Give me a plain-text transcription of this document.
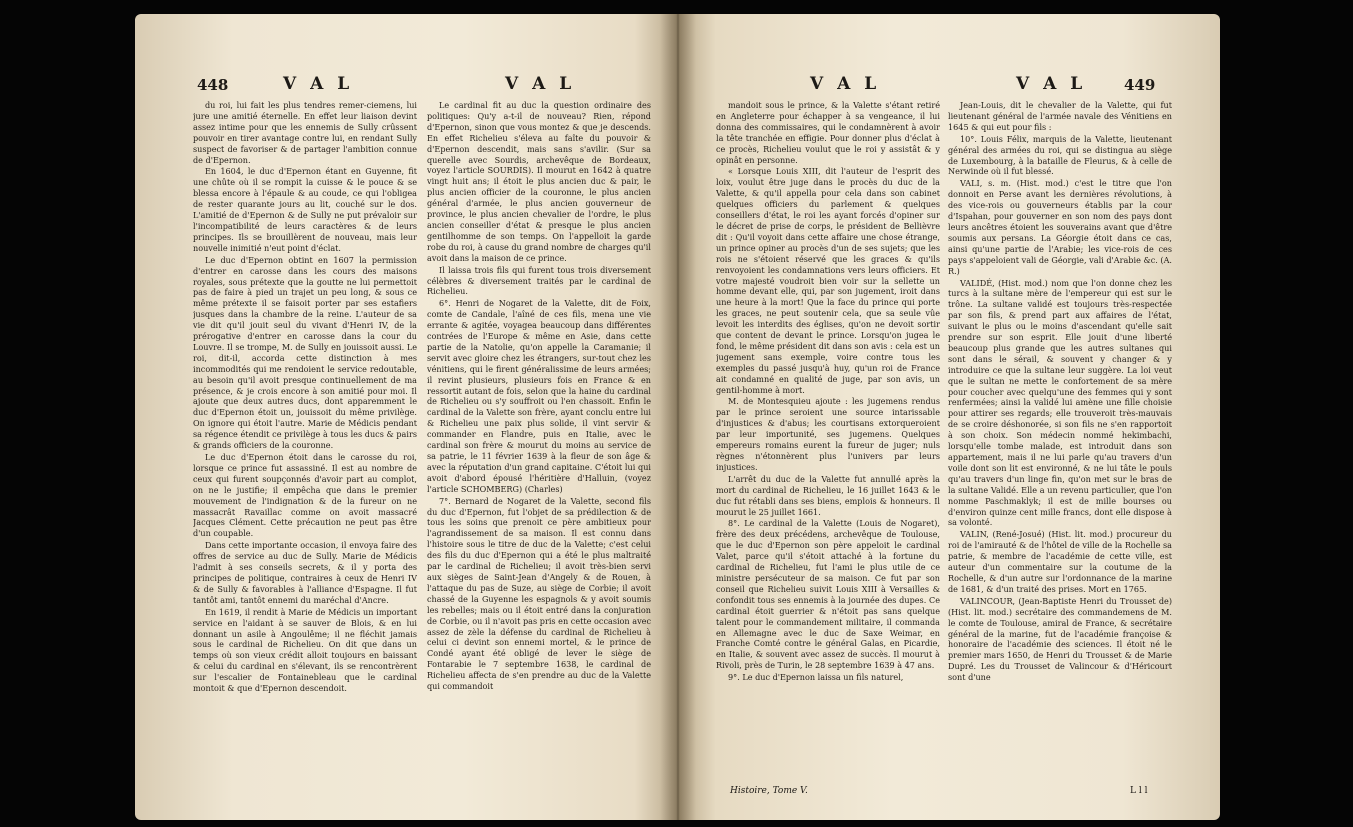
448	V A L	V A L

du roi, lui fait les plus tendres remer-ciemens, lui jure une amitié éternelle. En effet leur liaison devint assez intime pour que les ennemis de Sully crûssent pouvoir en tirer avantage contre lui, en rendant Sully suspect de favoriser & de partager l'ambition connue de d'Epernon.

En 1604, le duc d'Epernon étant en Guyenne, fit une chûte où il se rompit la cuisse & le pouce & se blessa encore à l'épaule & au coude, ce qui l'obligea de rester quarante jours au lit, couché sur le dos. L'amitié de d'Epernon & de Sully ne put prévaloir sur l'incompatibilité de leurs caractères & de leurs principes. Ils se brouillèrent de nouveau, mais leur nouvelle inimitié n'eut point d'éclat.

Le duc d'Epernon obtint en 1607 la permission d'entrer en carosse dans les cours des maisons royales, sous prétexte que la goutte ne lui permettoit pas de faire à pied un trajet un peu long, & sous ce même prétexte il se faisoit porter par ses estafiers jusques dans la chambre de la reine. L'auteur de sa vie dit qu'il jouit seul du vivant d'Henri IV, de la prérogative d'entrer en carosse dans la cour du Louvre. Il se trompe, M. de Sully en jouissoit aussi. Le roi, dit-il, accorda cette distinction à mes incommodités qui me rendoient le service redoutable, au besoin qu'il avoit presque continuellement de ma présence, & je crois encore à son amitié pour moi. Il ajoute que deux autres ducs, dont apparemment le duc d'Epernon étoit un, jouissoit du même privilège. On ignore qui étoit l'autre. Marie de Médicis pendant sa régence étendit ce privilège à tous les ducs & pairs & grands officiers de la couronne.

Le duc d'Epernon étoit dans le carosse du roi, lorsque ce prince fut assassiné. Il est au nombre de ceux qui furent soupçonnés d'avoir part au complot, on ne le justifie; il empêcha que dans le premier mouvement de l'indignation & de la fureur on ne massacrât Ravaillac comme on avoit massacré Jacques Clément. Cette précaution ne peut pas être d'un coupable.

Dans cette importante occasion, il envoya faire des offres de service au duc de Sully. Marie de Médicis l'admit à ses conseils secrets, & il y porta des principes de politique, contraires à ceux de Henri IV & de Sully & favorables à l'alliance d'Espagne. Il fut tantôt ami, tantôt ennemi du maréchal d'Ancre.

En 1619, il rendit à Marie de Médicis un important service en l'aidant à se sauver de Blois, & en lui donnant un asile à Angoulême; il ne fléchit jamais sous le cardinal de Richelieu. On dit que dans un temps où son vieux crédit alloit toujours en baissant & celui du cardinal en s'élevant, ils se rencontrèrent sur l'escalier de Fontainebleau que le cardinal montoit & que d'Epernon descendoit.

Le cardinal fit au duc la question ordinaire des politiques: Qu'y a-t-il de nouveau? Rien, répond d'Epernon, sinon que vous montez & que je descends. En effet Richelieu s'éleva au faîte du pouvoir & d'Epernon descendit, mais sans s'avilir. (Sur sa querelle avec Sourdis, archevêque de Bordeaux, voyez l'article SOURDIS). Il mourut en 1642 à quatre vingt huit ans; il étoit le plus ancien duc & pair, le plus ancien officier de la couronne, le plus ancien général d'armée, le plus ancien gouverneur de province, le plus ancien chevalier de l'ordre, le plus ancien conseiller d'état & presque le plus ancien gentilhomme de son temps. On l'appelloit la garde robe du roi, à cause du grand nombre de charges qu'il avoit dans la maison de ce prince.

Il laissa trois fils qui furent tous trois diversement célèbres & diversement traités par le cardinal de Richelieu.

6°. Henri de Nogaret de la Valette, dit de Foix, comte de Candale, l'aîné de ces fils, mena une vie errante & agitée, voyagea beaucoup dans différentes contrées de l'Europe & même en Asie, dans cette partie de la Natolie, qu'on appelle la Caramanie; il servit avec gloire chez les étrangers, sur-tout chez les vénitiens, qui le firent généralissime de leurs armées; il revint plusieurs, plusieurs fois en France & en ressortit autant de fois, selon que la haine du cardinal de Richelieu ou s'y souffroit ou l'en chassoit. Enfin le cardinal de la Valette son frère, ayant conclu entre lui & Richelieu une paix plus solide, il vint servir & commander en Flandre, puis en Italie, avec le cardinal son frère & mourut du moins au service de sa patrie, le 11 février 1639 à la fleur de son âge & avec la réputation d'un grand capitaine. C'étoit lui qui avoit d'abord épousé l'héritière d'Halluin, (voyez l'article SCHOMBERG) (Charles)

7°. Bernard de Nogaret de la Valette, second fils du duc d'Epernon, fut l'objet de sa prédilection & de tous les soins que prenoit ce père ambitieux pour l'agrandissement de sa maison. Il est connu dans l'histoire sous le titre de duc de la Valette; c'est celui des fils du duc d'Epernon qui a été le plus maltraité par le cardinal de Richelieu; il avoit très-bien servi aux sièges de Saint-Jean d'Angely & de Rouen, à l'attaque du pas de Suze, au siège de Corbie; il avoit chassé de la Guyenne les espagnols & y avoit soumis les rebelles; mais ou il étoit entré dans la conjuration de Corbie, ou il n'avoit pas pris en cette occasion avec assez de zèle la défense du cardinal de Richelieu à celui ci devint son ennemi mortel, & le prince de Condé ayant été obligé de lever le siège de Fontarabie le 7 septembre 1638, le cardinal de Richelieu affecta de s'en prendre au duc de la Valette qui commandoit

V A L	V A L	449

mandoit sous le prince, & la Valette s'étant retiré en Angleterre pour échapper à sa vengeance, il lui donna des commissaires, qui le condamnèrent à avoir la tête tranchée en effigie. Pour donner plus d'éclat à ce procès, Richelieu voulut que le roi y assistât & y opinât en personne.

« Lorsque Louis XIII, dit l'auteur de l'esprit des loix, voulut être juge dans le procès du duc de la Valette, & qu'il appella pour cela dans son cabinet quelques officiers du parlement & quelques conseillers d'état, le roi les ayant forcés d'opiner sur le décret de prise de corps, le président de Bellièvre dit : Qu'il voyoit dans cette affaire une chose étrange, un prince opiner au procès d'un de ses sujets; que les rois ne s'étoient réservé que les graces & qu'ils renvoyoient les condamnations vers leurs officiers. Et votre majesté voudroit bien voir sur la sellette un homme devant elle, qui, par son jugement, iroit dans une heure à la mort! Que la face du prince qui porte les graces, ne peut soutenir cela, que sa seule vûe levoit les interdits des églises, qu'on ne devoit sortir que content de devant le prince. Lorsqu'on jugea le fond, le même président dit dans son avis : cela est un jugement sans exemple, voire contre tous les exemples du passé jusqu'à huy, qu'un roi de France ait condamné en qualité de juge, par son avis, un gentil-homme à mort.

M. de Montesquieu ajoute : les jugemens rendus par le prince seroient une source intarissable d'injustices & d'abus; les courtisans extorqueroient par leur importunité, ses jugemens. Quelques empereurs romains eurent la fureur de juger; nuls règnes n'étonnèrent plus l'univers par leurs injustices.

L'arrêt du duc de la Valette fut annullé après la mort du cardinal de Richelieu, le 16 juillet 1643 & le duc fut rétabli dans ses biens, emplois & honneurs. Il mourut le 25 juillet 1661.

8°. Le cardinal de la Valette (Louis de Nogaret), frère des deux précédens, archevêque de Toulouse, que le duc d'Epernon son père appeloit le cardinal Valet, parce qu'il s'étoit attaché à la fortune du cardinal de Richelieu, fut l'ami le plus utile de ce ministre persécuteur de sa maison. Ce fut par son conseil que Richelieu suivit Louis XIII à Versailles & confondit tous ses ennemis à la journée des dupes. Ce cardinal étoit guerrier & n'étoit pas sans quelque talent pour le commandement militaire, il commanda en Allemagne avec le duc de Saxe Weimar, en Franche Comté contre le général Galas, en Picardie, en Italie, & souvent avec assez de succès. Il mourut à Rivoli, près de Turin, le 28 septembre 1639 à 47 ans.

9°. Le duc d'Epernon laissa un fils naturel,

Histoire, Tome V.

Jean-Louis, dit le chevalier de la Valette, qui fut lieutenant général de l'armée navale des Vénitiens en 1645 & qui eut pour fils :

10°. Louis Félix, marquis de la Valette, lieutenant général des armées du roi, qui se distingua au siège de Luxembourg, à la bataille de Fleurus, & à celle de Nerwinde où il fut blessé.

VALI, s. m. (Hist. mod.) c'est le titre que l'on donnoit en Perse avant les dernières révolutions, à des vice-rois ou gouverneurs établis par la cour d'Ispahan, pour gouverner en son nom des pays dont leurs ancêtres étoient les souverains avant que d'être soumis aux persans. La Géorgie étoit dans ce cas, ainsi qu'une partie de l'Arabie; les vice-rois de ces pays s'appeloient vali de Géorgie, vali d'Arabie &c. (A. R.)

VALIDÉ, (Hist. mod.) nom que l'on donne chez les turcs à la sultane mère de l'empereur qui est sur le trône. La sultane validé est toujours très-respectée par son fils, & prend part aux affaires de l'état, suivant le plus ou le moins d'ascendant qu'elle sait prendre sur son esprit. Elle jouit d'une liberté beaucoup plus grande que les autres sultanes qui sont dans le sérail, & souvent y changer & y introduire ce que la sultane leur suggère. La loi veut que le sultan ne mette le confortement de sa mère pour coucher avec quelqu'une des femmes qui y sont renfermées; ainsi la validé lui amène une fille choisie pour attirer ses regards; elle trouveroit très-mauvais de se croire déshonorée, si son fils ne s'en rapportoit à son choix. Son médecin nommé hekimbachi, lorsqu'elle tombe malade, est introduit dans son appartement, mais il ne lui parle qu'au travers d'un voile dont son lit est environné, & ne lui tâte le pouls qu'au travers d'un linge fin, qu'on met sur le bras de la sultane Validé. Elle a un revenu particulier, que l'on nomme Paschmaklyk; il est de mille bourses ou d'environ quinze cent mille francs, dont elle dispose à sa volonté.

VALIN, (René-Josué) (Hist. lit. mod.) procureur du roi de l'amirauté & de l'hôtel de ville de la Rochelle sa patrie, & membre de l'académie de cette ville, est auteur d'un commentaire sur la coutume de la Rochelle, & d'un autre sur l'ordonnance de la marine de 1681, & d'un traité des prises. Mort en 1765.

VALINCOUR, (Jean-Baptiste Henri du Trousset de) (Hist. lit. mod.) secrétaire des commandemens de M. le comte de Toulouse, amiral de France, & secrétaire général de la marine, fut de l'académie françoise & honoraire de l'académie des sciences. Il étoit né le premier mars 1650, de Henri du Trousset & de Marie Dupré. Les du Trousset de Valincour & d'Héricourt sont d'une

L l l
